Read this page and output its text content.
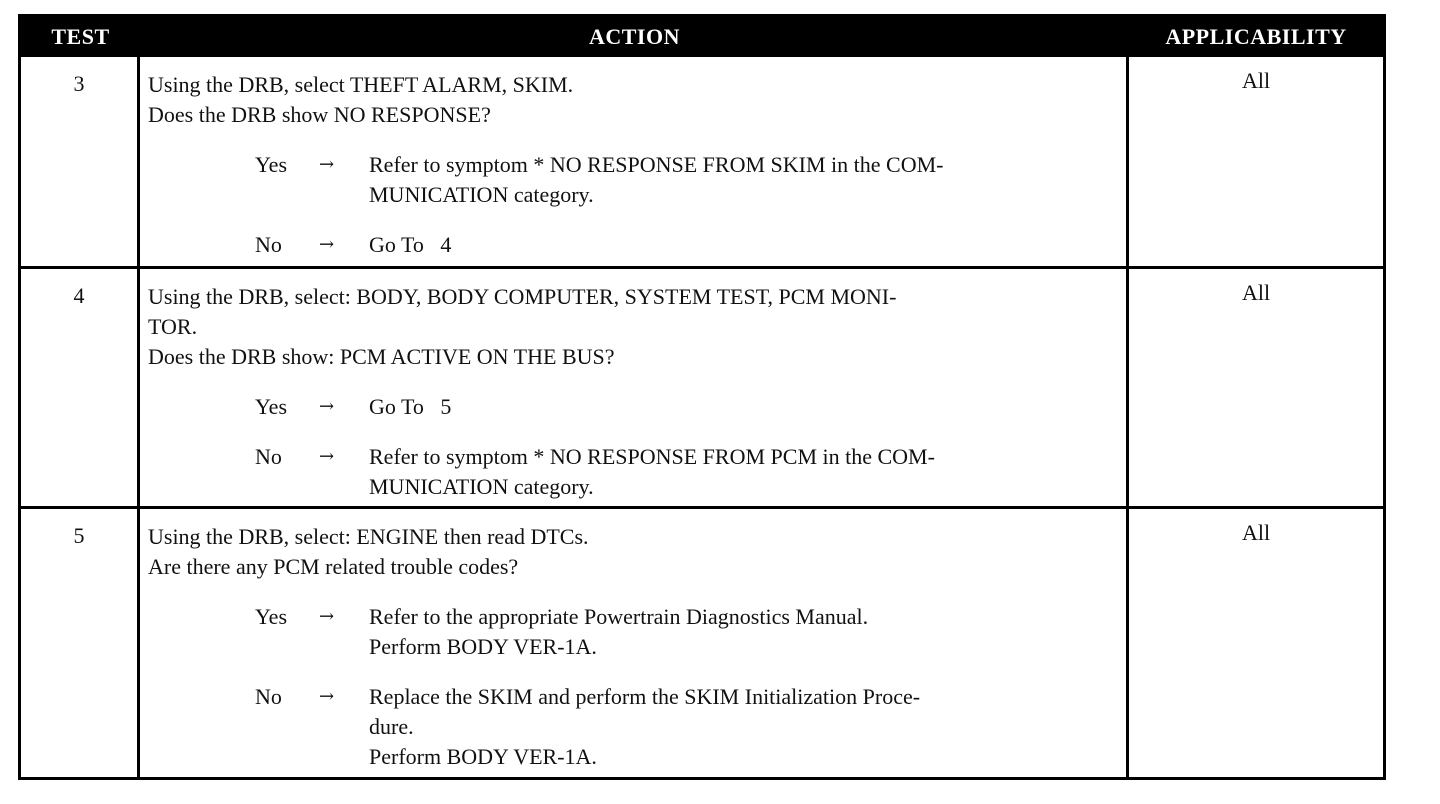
TEST	ACTION	APPLICABILITY
3	Using the DRB, select THEFT ALARM, SKIM.
Does the DRB show NO RESPONSE?
Yes	→	Refer to symptom * NO RESPONSE FROM SKIM in the COM-
MUNICATION category.
No	→	Go To   4
All
4	Using the DRB, select: BODY, BODY COMPUTER, SYSTEM TEST, PCM MONI-
TOR.
Does the DRB show: PCM ACTIVE ON THE BUS?
Yes	→	Go To   5
No	→	Refer to symptom * NO RESPONSE FROM PCM in the COM-
MUNICATION category.
All
5	Using the DRB, select: ENGINE then read DTCs.
Are there any PCM related trouble codes?
Yes	→	Refer to the appropriate Powertrain Diagnostics Manual.
Perform BODY VER-1A.
No	→	Replace the SKIM and perform the SKIM Initialization Proce-
dure.
Perform BODY VER-1A.
All
